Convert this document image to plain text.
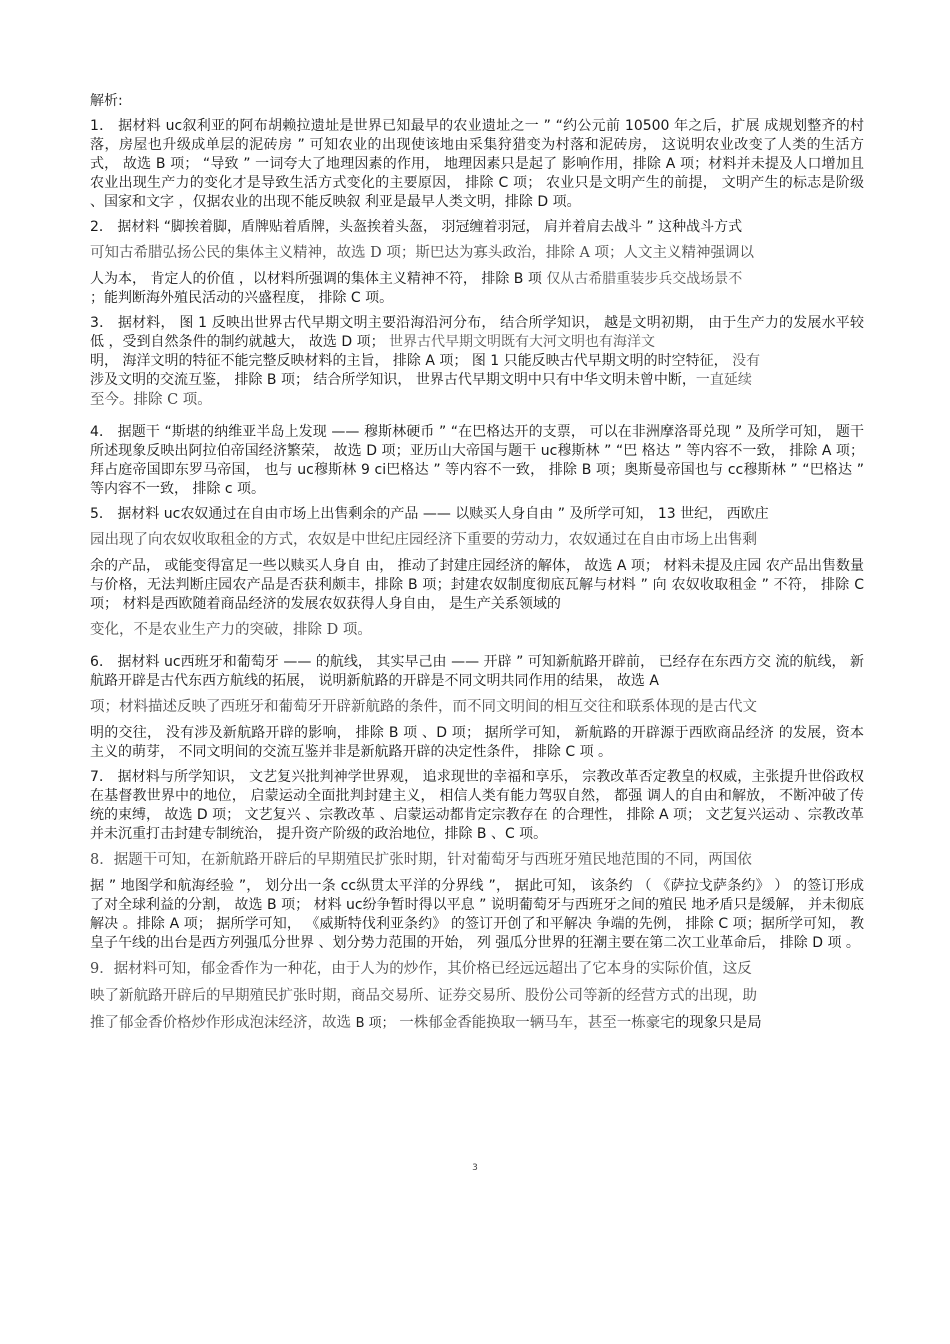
解析:

1． 据材料 uc叙利亚的阿布胡赖拉遗址是世界已知最早的农业遗址之一 ” “约公元前 10500 年之后，扩展 成规划整齐的村落，房屋也升级成单层的泥砖房 ” 可知农业的出现使该地由采集狩猎变为村落和泥砖房， 这说明农业改变了人类的生活方式， 故选 B 项； “导致 ” 一词夸大了地理因素的作用， 地理因素只是起了 影响作用，排除 A 项；材料并未提及人口增加且农业出现生产力的变化才是导致生活方式变化的主要原因， 排除 C 项； 农业只是文明产生的前提， 文明产生的标志是阶级 、国家和文字 ，仅据农业的出现不能反映叙 利亚是最早人类文明，排除 D 项。

2． 据材料 “脚挨着脚，盾牌贴着盾牌，头盔挨着头盔， 羽冠缠着羽冠， 肩并着肩去战斗 ” 这种战斗方式

可知古希腊弘扬公民的集体主义精神，故选 D 项；斯巴达为寡头政治，排除 A 项；人文主义精神强调以

人为本， 肯定人的价值 ，以材料所强调的集体主义精神不符， 排除 B 项 仅从古希腊重装步兵交战场景不

；能判断海外殖民活动的兴盛程度， 排除 C 项。

3． 据材料， 图 1 反映出世界古代早期文明主要沿海沿河分布， 结合所学知识， 越是文明初期， 由于生产力的发展水平较低 ，受到自然条件的制约就越大， 故选 D 项； 世界古代早期文明既有大河文明也有海洋文

明， 海洋文明的特征不能完整反映材料的主旨， 排除 A 项； 图 1 只能反映古代早期文明的时空特征， 没有

涉及文明的交流互鉴， 排除 B 项； 结合所学知识， 世界古代早期文明中只有中华文明未曾中断，一直延续

至今。排除 C 项。

4． 据题干 “斯堪的纳维亚半岛上发现 —— 穆斯林硬币 ” “在巴格达开的支票， 可以在非洲摩洛哥兑现 ” 及所学可知， 题干所述现象反映出阿拉伯帝国经济繁荣， 故选 D 项；亚历山大帝国与题干 uc穆斯林 ” “巴 格达 ” 等内容不一致， 排除 A 项；拜占庭帝国即东罗马帝国， 也与 uc穆斯林 9 ci巴格达 ” 等内容不一致， 排除 B 项；奥斯曼帝国也与 cc穆斯林 ” “巴格达 ” 等内容不一致， 排除 c 项。

5． 据材料 uc农奴通过在自由市场上出售剩余的产品 —— 以赎买人身自由 ” 及所学可知， 13 世纪， 西欧庄

园出现了向农奴收取租金的方式，农奴是中世纪庄园经济下重要的劳动力，农奴通过在自由市场上出售剩

余的产品， 或能变得富足一些以赎买人身自 由， 推动了封建庄园经济的解体， 故选 A 项； 材料未提及庄园 农产品出售数量与价格，无法判断庄园农产品是否获利颇丰，排除 B 项；封建农奴制度彻底瓦解与材料 ” 向 农奴收取租金 ” 不符， 排除 C 项； 材料是西欧随着商品经济的发展农奴获得人身自由， 是生产关系领域的

变化，不是农业生产力的突破，排除 D 项。

6． 据材料 uc西班牙和葡萄牙 —— 的航线， 其实早己由 —— 开辟 ” 可知新航路开辟前， 已经存在东西方交 流的航线， 新航路开辟是古代东西方航线的拓展， 说明新航路的开辟是不同文明共同作用的结果， 故选 A

项；材料描述反映了西班牙和葡萄牙开辟新航路的条件，而不同文明间的相互交往和联系体现的是古代文

明的交往， 没有涉及新航路开辟的影响， 排除 B 项 、D 项； 据所学可知， 新航路的开辟源于西欧商品经济 的发展，资本主义的萌芽， 不同文明间的交流互鉴并非是新航路开辟的决定性条件， 排除 C 项 。

7． 据材料与所学知识， 文艺复兴批判神学世界观， 追求现世的幸福和享乐， 宗教改革否定教皇的权威，主张提升世俗政权在基督教世界中的地位， 启蒙运动全面批判封建主义， 相信人类有能力驾驭自然， 都强 调人的自由和解放， 不断冲破了传统的束缚， 故选 D 项； 文艺复兴 、宗教改革 、启蒙运动都肯定宗教存在 的合理性， 排除 A 项； 文艺复兴运动 、宗教改革并未沉重打击封建专制统治， 提升资产阶级的政治地位，排除 B 、C 项。

8．据题干可知，在新航路开辟后的早期殖民扩张时期，针对葡萄牙与西班牙殖民地范围的不同，两国依

据 ” 地图学和航海经验 ”， 划分出一条 cc纵贯太平洋的分界线 ”， 据此可知， 该条约 （ 《萨拉戈萨条约》 ） 的签订形成了对全球利益的分割， 故选 B 项； 材料 uc纷争暂时得以平息 ” 说明葡萄牙与西班牙之间的殖民 地矛盾只是缓解， 并未彻底解决 。排除 A 项； 据所学可知， 《威斯特伐利亚条约》 的签订开创了和平解决 争端的先例， 排除 C 项；据所学可知， 教皇子午线的出台是西方列强瓜分世界 、划分势力范围的开始， 列 强瓜分世界的狂潮主要在第二次工业革命后， 排除 D 项 。

9．据材料可知，郁金香作为一种花，由于人为的炒作，其价格已经远远超出了它本身的实际价值，这反

映了新航路开辟后的早期殖民扩张时期，商品交易所、证券交易所、股份公司等新的经营方式的出现，助

推了郁金香价格炒作形成泡沫经济，故选 B 项； 一株郁金香能换取一辆马车，甚至一栋豪宅的现象只是局

3
